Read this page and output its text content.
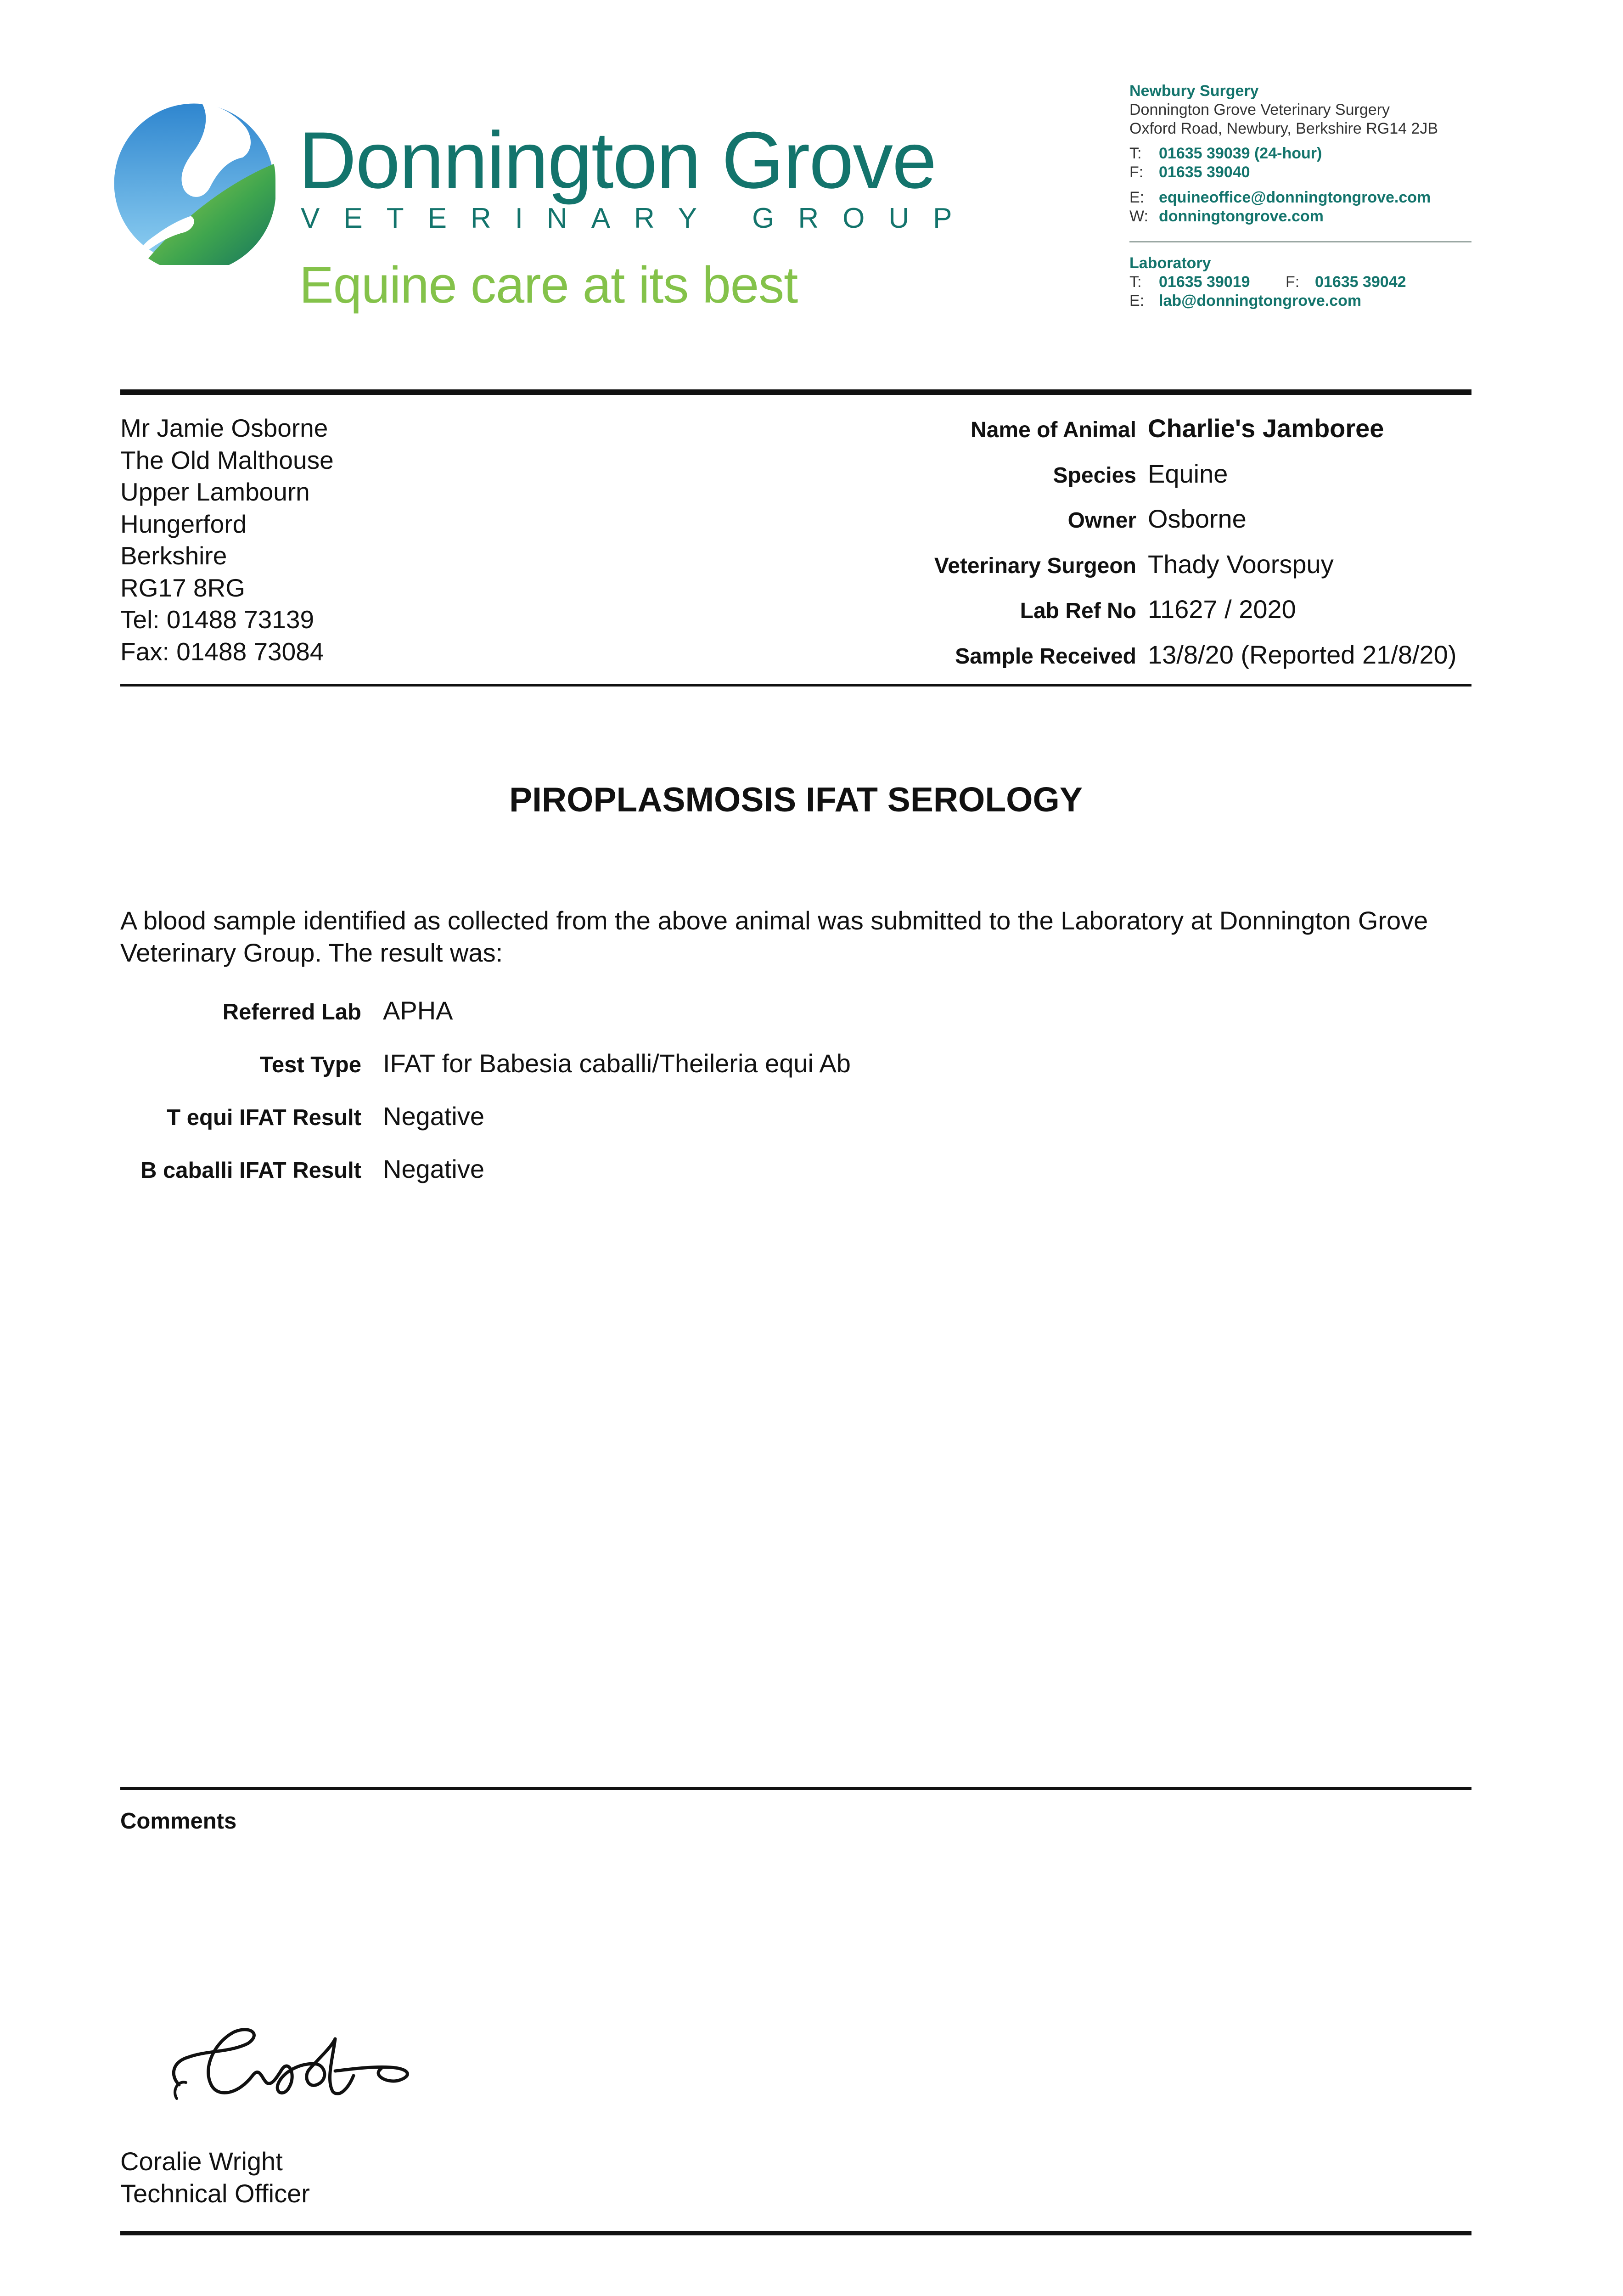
Donnington Grove
VETERINARY GROUP
Equine care at its best
Newbury Surgery
Donnington Grove Veterinary Surgery
Oxford Road, Newbury, Berkshire RG14 2JB
T: 01635 39039 (24-hour)
F: 01635 39040
E: equineoffice@donningtongrove.com
W: donningtongrove.com
Laboratory
T: 01635 39019 F: 01635 39042
E: lab@donningtongrove.com
Mr Jamie Osborne
The Old Malthouse
Upper Lambourn
Hungerford
Berkshire
RG17 8RG
Tel: 01488 73139
Fax: 01488 73084
Name of Animal Charlie's Jamboree
Species Equine
Owner Osborne
Veterinary Surgeon Thady Voorspuy
Lab Ref No 11627 / 2020
Sample Received 13/8/20 (Reported 21/8/20)
PIROPLASMOSIS IFAT SEROLOGY
A blood sample identified as collected from the above animal was submitted to the Laboratory at Donnington Grove Veterinary Group. The result was:
Referred Lab APHA
Test Type IFAT for Babesia caballi/Theileria equi Ab
T equi IFAT Result Negative
B caballi IFAT Result Negative
Comments
Coralie Wright
Technical Officer
